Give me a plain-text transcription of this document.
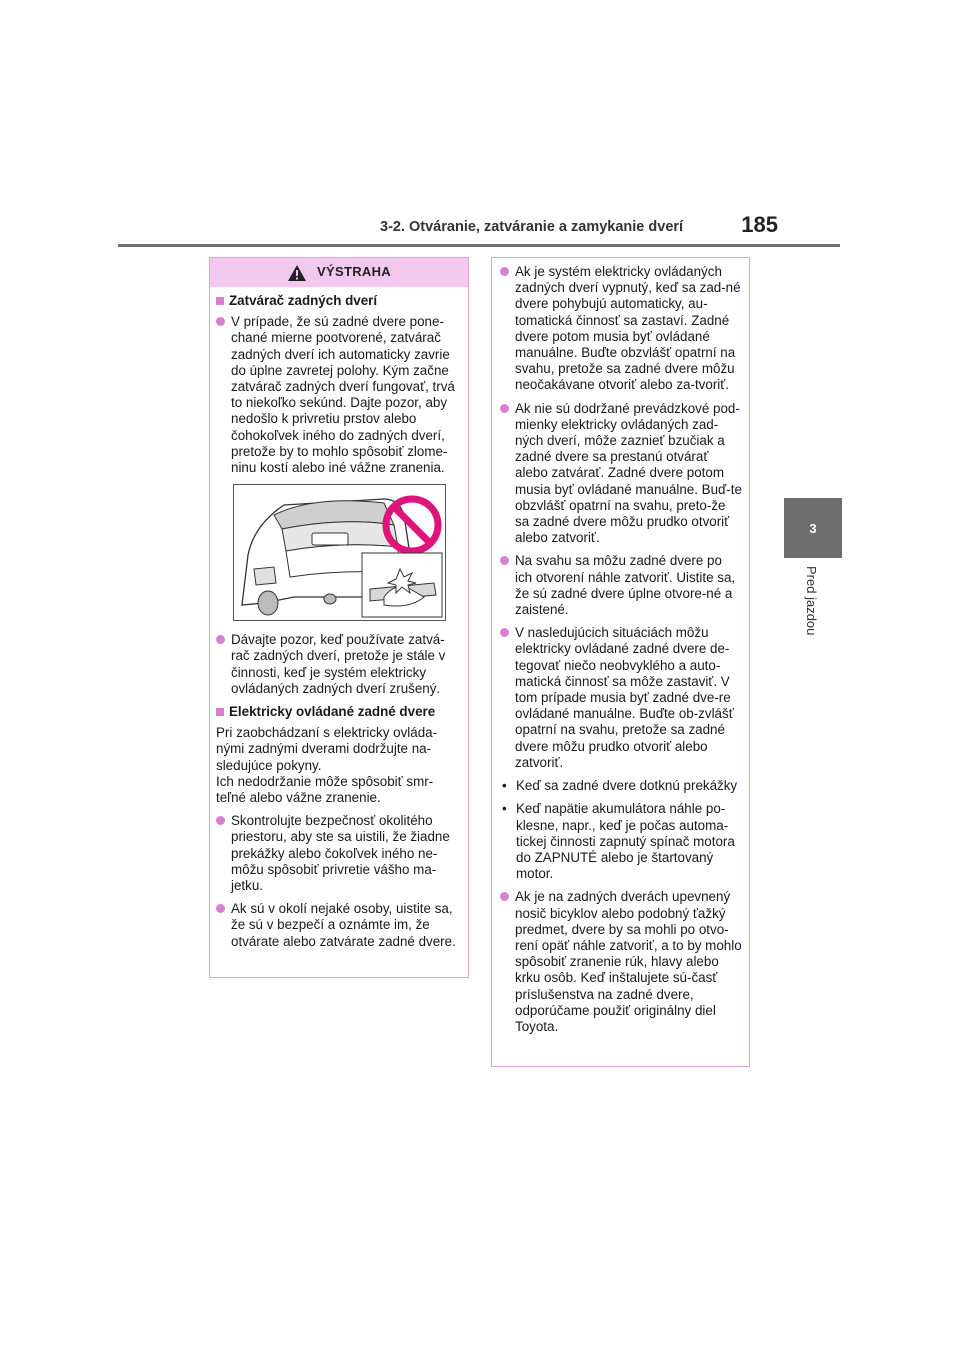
3-2. Otváranie, zatváranie a zamykanie dverí	185
3
Pred jazdou
VÝSTRAHA
Zatvárač zadných dverí
V prípade, že sú zadné dvere pone-chané mierne pootvorené, zatvárač zadných dverí ich automaticky zavrie do úplne zavretej polohy. Kým začne zatvárač zadných dverí fungovať, trvá to niekoľko sekúnd. Dajte pozor, aby nedošlo k privretiu prstov alebo čohokoľvek iného do zadných dverí, pretože by to mohlo spôsobiť zlome-ninu kostí alebo iné vážne zranenia.
Dávajte pozor, keď používate zatvá-rač zadných dverí, pretože je stále v činnosti, keď je systém elektricky ovládaných zadných dverí zrušený.
Elektricky ovládané zadné dvere
Pri zaobchádzaní s elektricky ovláda-nými zadnými dverami dodržujte na-sledujúce pokyny.
Ich nedodržanie môže spôsobiť smr-teľné alebo vážne zranenie.
Skontrolujte bezpečnosť okolitého priestoru, aby ste sa uistili, že žiadne prekážky alebo čokoľvek iného ne-môžu spôsobiť privretie vášho ma-jetku.
Ak sú v okolí nejaké osoby, uistite sa, že sú v bezpečí a oznámte im, že otvárate alebo zatvárate zadné dvere.
Ak je systém elektricky ovládaných zadných dverí vypnutý, keď sa zad-né dvere pohybujú automaticky, au-tomatická činnosť sa zastaví. Zadné dvere potom musia byť ovládané manuálne. Buďte obzvlášť opatrní na svahu, pretože sa zadné dvere môžu neočakávane otvoriť alebo za-tvoriť.
Ak nie sú dodržané prevádzkové pod-mienky elektricky ovládaných zad-ných dverí, môže zaznieť bzučiak a zadné dvere sa prestanú otvárať alebo zatvárať. Zadné dvere potom musia byť ovládané manuálne. Buď-te obzvlášť opatrní na svahu, preto-že sa zadné dvere môžu prudko otvoriť alebo zatvoriť.
Na svahu sa môžu zadné dvere po ich otvorení náhle zatvoriť. Uistite sa, že sú zadné dvere úplne otvore-né a zaistené.
V nasledujúcich situáciách môžu elektricky ovládané zadné dvere de-tegovať niečo neobvyklého a auto-matická činnosť sa môže zastaviť. V tom prípade musia byť zadné dve-re ovládané manuálne. Buďte ob-zvlášť opatrní na svahu, pretože sa zadné dvere môžu prudko otvoriť alebo zatvoriť.
• Keď sa zadné dvere dotknú prekážky
• Keď napätie akumulátora náhle po-klesne, napr., keď je počas automa-tickej činnosti zapnutý spínač motora do ZAPNUTÉ alebo je štartovaný motor.
Ak je na zadných dverách upevnený nosič bicyklov alebo podobný ťažký predmet, dvere by sa mohli po otvo-rení opäť náhle zatvoriť, a to by mohlo spôsobiť zranenie rúk, hlavy alebo krku osôb. Keď inštalujete sú-časť príslušenstva na zadné dvere, odporúčame použiť originálny diel Toyota.
